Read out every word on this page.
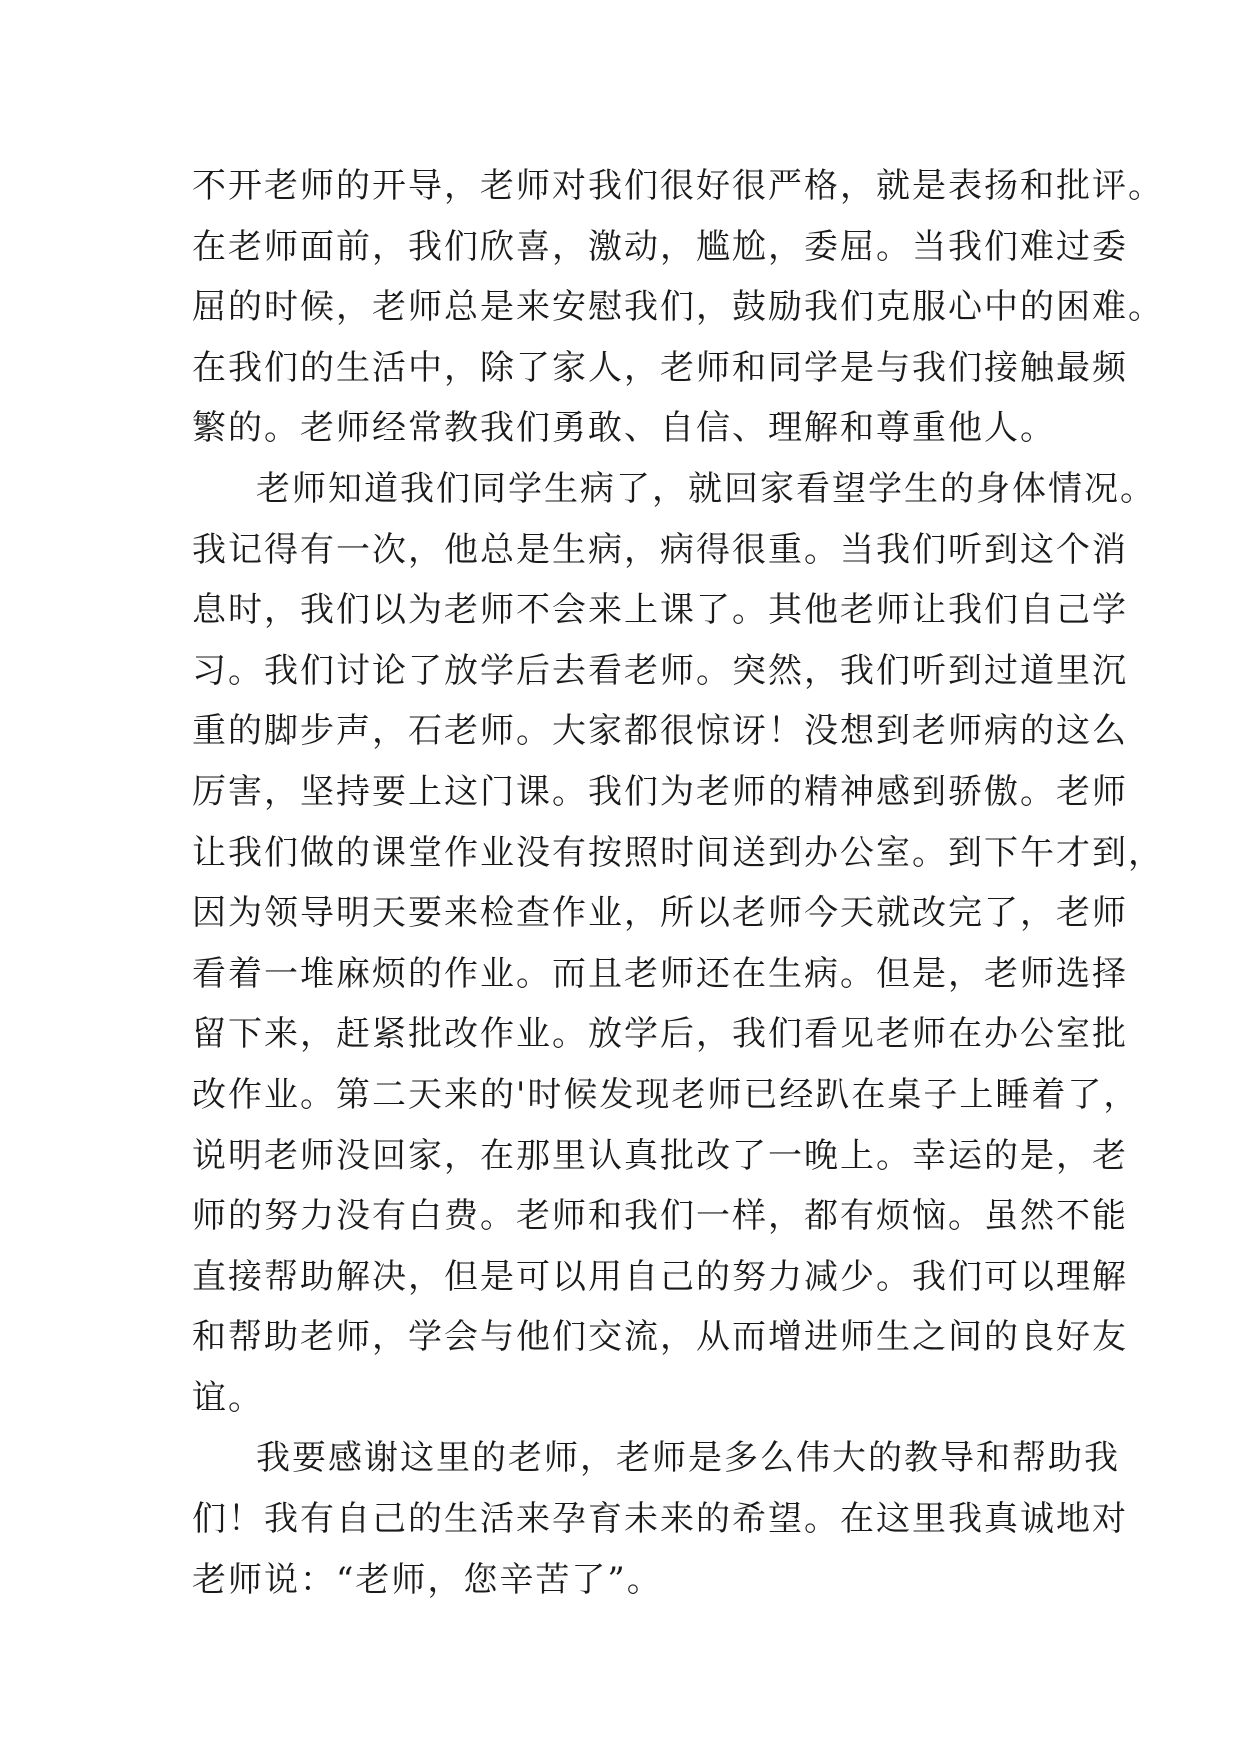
不开老师的开导，老师对我们很好很严格，就是表扬和批评。
在老师面前，我们欣喜，激动，尴尬，委屈。当我们难过委
屈的时候，老师总是来安慰我们，鼓励我们克服心中的困难。
在我们的生活中，除了家人，老师和同学是与我们接触最频
繁的。老师经常教我们勇敢、自信、理解和尊重他人。
老师知道我们同学生病了，就回家看望学生的身体情况。
我记得有一次，他总是生病，病得很重。当我们听到这个消
息时，我们以为老师不会来上课了。其他老师让我们自己学
习。我们讨论了放学后去看老师。突然，我们听到过道里沉
重的脚步声，石老师。大家都很惊讶！没想到老师病的这么
厉害，坚持要上这门课。我们为老师的精神感到骄傲。老师
让我们做的课堂作业没有按照时间送到办公室。到下午才到，
因为领导明天要来检查作业，所以老师今天就改完了，老师
看着一堆麻烦的作业。而且老师还在生病。但是，老师选择
留下来，赶紧批改作业。放学后，我们看见老师在办公室批
改作业。第二天来的'时候发现老师已经趴在桌子上睡着了，
说明老师没回家，在那里认真批改了一晚上。幸运的是，老
师的努力没有白费。老师和我们一样，都有烦恼。虽然不能
直接帮助解决，但是可以用自己的努力减少。我们可以理解
和帮助老师，学会与他们交流，从而增进师生之间的良好友
谊。
我要感谢这里的老师，老师是多么伟大的教导和帮助我
们！我有自己的生活来孕育未来的希望。在这里我真诚地对
老师说：“老师，您辛苦了”。
